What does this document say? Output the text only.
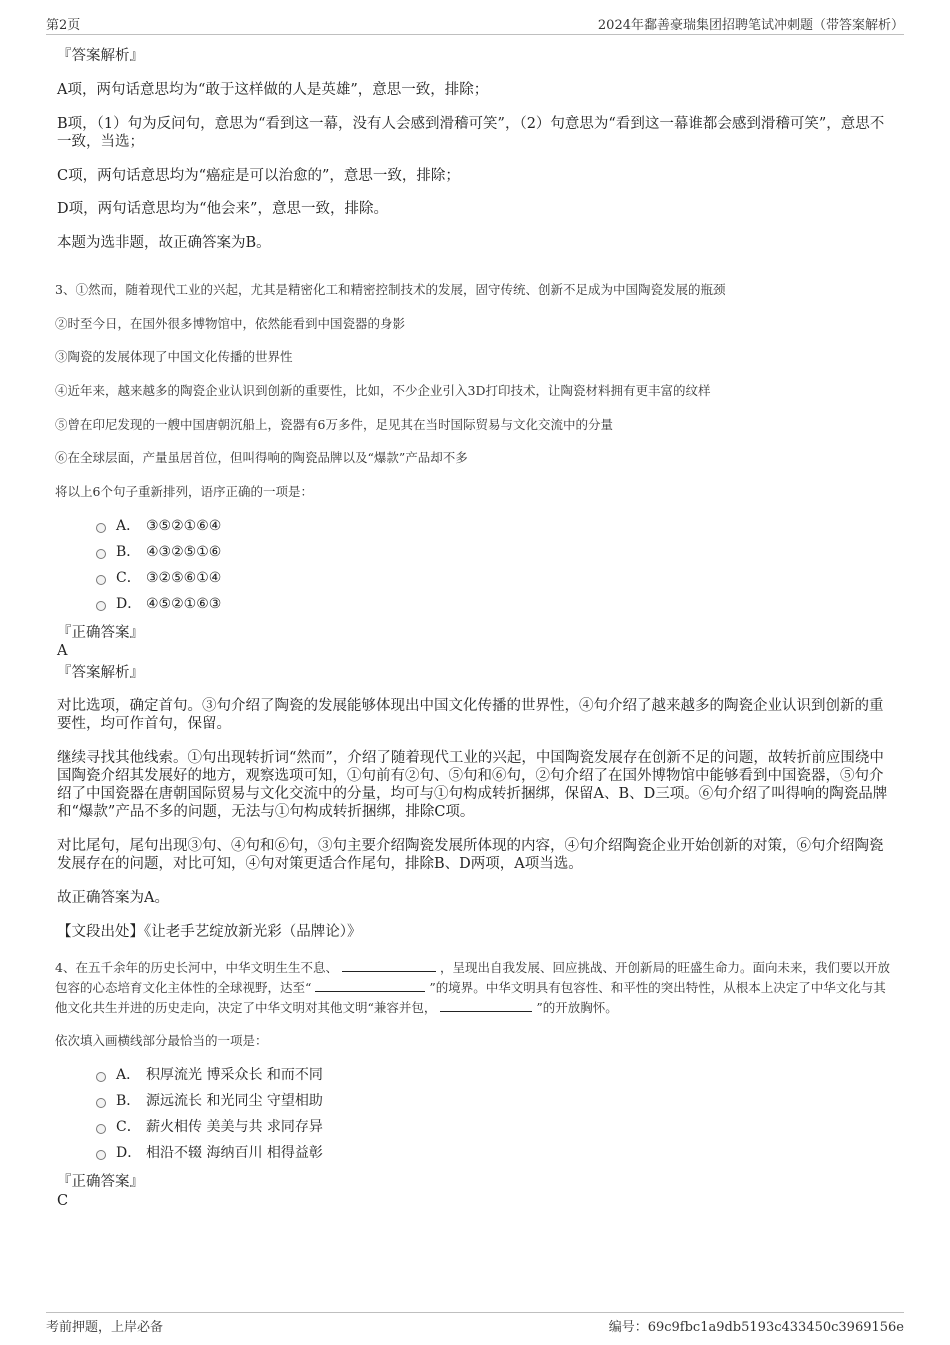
第2页	2024年鄱善豪瑞集团招聘笔试冲刺题（带答案解析）
『答案解析』
A项，两句话意思均为“敢于这样做的人是英雄”，意思一致，排除；
B项，（1）句为反问句，意思为“看到这一幕，没有人会感到滑稽可笑”，（2）句意思为“看到这一幕谁都会感到滑稽可笑”，意思不一致，当选；
C项，两句话意思均为“癌症是可以治愈的”，意思一致，排除；
D项，两句话意思均为“他会来”，意思一致，排除。
本题为选非题，故正确答案为B。
3、①然而，随着现代工业的兴起，尤其是精密化工和精密控制技术的发展，固守传统、创新不足成为中国陶瓷发展的瓶颈
②时至今日，在国外很多博物馆中，依然能看到中国瓷器的身影
③陶瓷的发展体现了中国文化传播的世界性
④近年来，越来越多的陶瓷企业认识到创新的重要性，比如，不少企业引入3D打印技术，让陶瓷材料拥有更丰富的纹样
⑤曾在印尼发现的一艘中国唐朝沉船上，瓷器有6万多件，足见其在当时国际贸易与文化交流中的分量
⑥在全球层面，产量虽居首位，但叫得响的陶瓷品牌以及“爆款”产品却不多
将以上6个句子重新排列，语序正确的一项是：
A． ③⑤②①⑥④
B． ④③②⑤①⑥
C． ③②⑤⑥①④
D． ④⑤②①⑥③
『正确答案』
A
『答案解析』
对比选项，确定首句。③句介绍了陶瓷的发展能够体现出中国文化传播的世界性，④句介绍了越来越多的陶瓷企业认识到创新的重要性，均可作首句，保留。
继续寻找其他线索。①句出现转折词“然而”，介绍了随着现代工业的兴起，中国陶瓷发展存在创新不足的问题，故转折前应围绕中国陶瓷介绍其发展好的地方，观察选项可知，①句前有②句、⑤句和⑥句，②句介绍了在国外博物馆中能够看到中国瓷器，⑤句介绍了中国瓷器在唐朝国际贸易与文化交流中的分量，均可与①句构成转折捆绑，保留A、B、D三项。⑥句介绍了叫得响的陶瓷品牌和“爆款”产品不多的问题，无法与①句构成转折捆绑，排除C项。
对比尾句，尾句出现③句、④句和⑥句，③句主要介绍陶瓷发展所体现的内容，④句介绍陶瓷企业开始创新的对策，⑥句介绍陶瓷发展存在的问题，对比可知，④句对策更适合作尾句，排除B、D两项，A项当选。
故正确答案为A。
【文段出处】《让老手艺绽放新光彩（品牌论）》
4、在五千余年的历史长河中，中华文明生生不息、	，呈现出自我发展、回应挑战、开创新局的旺盛生命力。面向未来，我们要以开放包容的心态培育文化主体性的全球视野，达至“	”的境界。中华文明具有包容性、和平性的突出特性，从根本上决定了中华文化与其他文化共生并进的历史走向，决定了中华文明对其他文明“兼容并包，	”的开放胸怀。
依次填入画横线部分最恰当的一项是：
A． 积厚流光 博采众长 和而不同
B． 源远流长 和光同尘 守望相助
C． 薪火相传 美美与共 求同存异
D． 相沿不辍 海纳百川 相得益彰
『正确答案』
C
考前押题，上岸必备	编号：69c9fbc1a9db5193c433450c3969156e
